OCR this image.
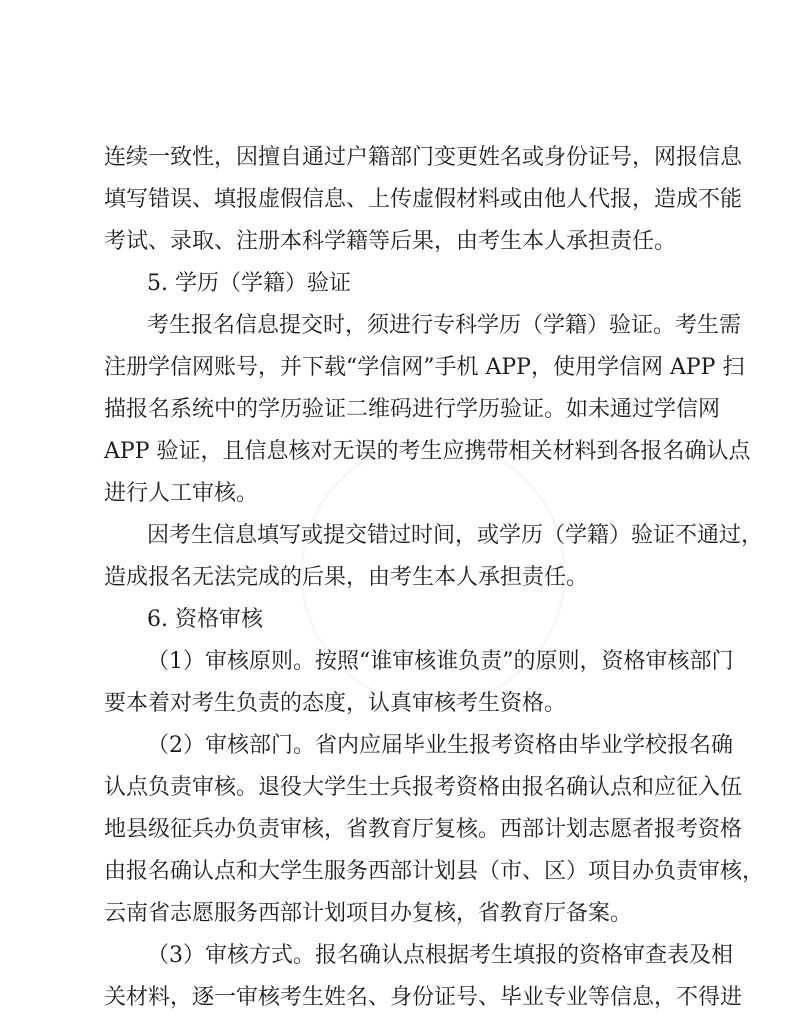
连续一致性，因擅自通过户籍部门变更姓名或身份证号，网报信息
填写错误、填报虚假信息、上传虚假材料或由他人代报，造成不能
考试、录取、注册本科学籍等后果，由考生本人承担责任。
5. 学历（学籍）验证
考生报名信息提交时，须进行专科学历（学籍）验证。考生需
注册学信网账号，并下载“学信网”手机 APP，使用学信网 APP 扫
描报名系统中的学历验证二维码进行学历验证。如未通过学信网
APP 验证，且信息核对无误的考生应携带相关材料到各报名确认点
进行人工审核。
因考生信息填写或提交错过时间，或学历（学籍）验证不通过，
造成报名无法完成的后果，由考生本人承担责任。
6. 资格审核
（1）审核原则。按照“谁审核谁负责”的原则，资格审核部门
要本着对考生负责的态度，认真审核考生资格。
（2）审核部门。省内应届毕业生报考资格由毕业学校报名确
认点负责审核。退役大学生士兵报考资格由报名确认点和应征入伍
地县级征兵办负责审核，省教育厅复核。西部计划志愿者报考资格
由报名确认点和大学生服务西部计划县（市、区）项目办负责审核，
云南省志愿服务西部计划项目办复核，省教育厅备案。
（3）审核方式。报名确认点根据考生填报的资格审查表及相
关材料，逐一审核考生姓名、身份证号、毕业专业等信息，不得进
